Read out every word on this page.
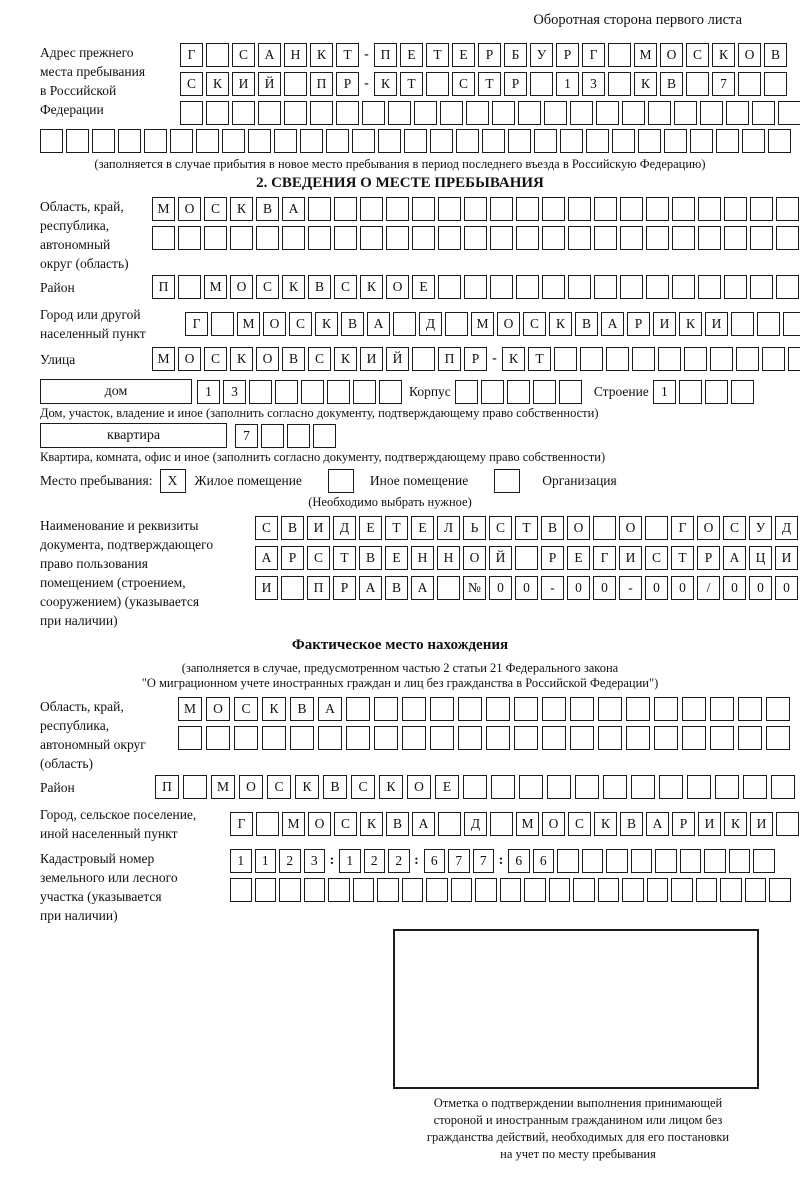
Оборотная сторона первого листа
Адрес прежнего
места пребывания
в Российской
Федерации
Г	С	А	Н	К	Т - П	Е	Т	Е	Р	Б	У	Р	Г	М	О	С	К	О	В
С	К	И	Й	П	Р - К	Т	С	Т	Р	1	3	К	В	7
(заполняется в случае прибытия в новое место пребывания в период последнего въезда в Российскую Федерацию)
2. СВЕДЕНИЯ О МЕСТЕ ПРЕБЫВАНИЯ
Область, край,
республика,
автономный
округ (область)
М	О	С	К	В	А
Район	П	М	О	С	К	В	С	К	О	Е
Город или другой
населенный пункт
Г	М	О	С	К	В	А	Д	М	О	С	К	В	А	Р	И	К	И
Улица	М	О	С	К	О	В	С	К	И	Й	П	Р - К	Т
дом	1	3	Корпус	Строение 1
Дом, участок, владение и иное (заполнить согласно документу, подтверждающему право собственности)
квартира	7
Квартира, комната, офис и иное (заполнить согласно документу, подтверждающему право собственности)
Место пребывания:	X	Жилое помещение	Иное помещение	Организация
(Необходимо выбрать нужное)
Наименование и реквизиты
документа, подтверждающего
право пользования
помещением (строением,
сооружением) (указывается
при наличии)
С	В	И	Д	Е	Т	Е	Л	Ь	С	Т	В	О	О	Г	О	С	У	Д
А	Р	С	Т	В	Е	Н	Н	О	Й	Р	Е	Г	И	С	Т	Р	А	Ц	И
И	П	Р	А	В	А	№	0	0	-	0	0	-	0	0	/	0	0	0
Фактическое место нахождения
(заполняется в случае, предусмотренном частью 2 статьи 21 Федерального закона
"О миграционном учете иностранных граждан и лиц без гражданства в Российской Федерации")
Область, край,
республика,
автономный округ
(область)
М	О	С	К	В	А
Район	П	М	О	С	К	В	С	К	О	Е
Город, сельское поселение,
иной населенный пункт
Г	М	О	С	К	В	А	Д	М	О	С	К	В	А	Р	И	К	И
Кадастровый номер
земельного или лесного
участка (указывается
при наличии)
1	1	2	3 : 1	2	2 : 6	7	7 : 6	6
Отметка о подтверждении выполнения принимающей
стороной и иностранным гражданином или лицом без
гражданства действий, необходимых для его постановки
на учет по месту пребывания
